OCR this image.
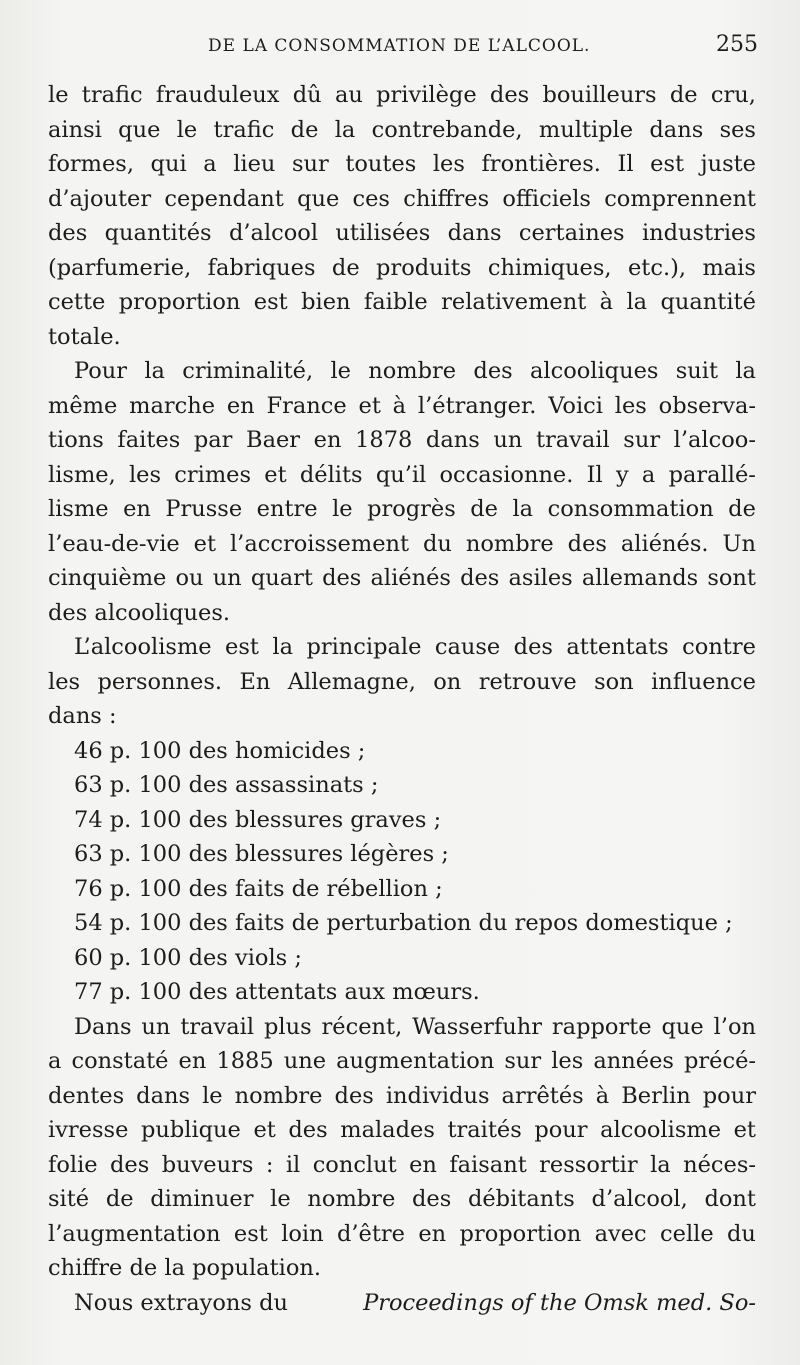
DE LA CONSOMMATION DE L’ALCOOL.	255
le trafic frauduleux dû au privilège des bouilleurs de cru,
ainsi que le trafic de la contrebande, multiple dans ses
formes, qui a lieu sur toutes les frontières. Il est juste
d’ajouter cependant que ces chiffres officiels comprennent
des quantités d’alcool utilisées dans certaines industries
(parfumerie, fabriques de produits chimiques, etc.), mais
cette proportion est bien faible relativement à la quantité
totale.
Pour la criminalité, le nombre des alcooliques suit la
même marche en France et à l’étranger. Voici les observa-
tions faites par Baer en 1878 dans un travail sur l’alcoo-
lisme, les crimes et délits qu’il occasionne. Il y a parallé-
lisme en Prusse entre le progrès de la consommation de
l’eau-de-vie et l’accroissement du nombre des aliénés. Un
cinquième ou un quart des aliénés des asiles allemands sont
des alcooliques.
L’alcoolisme est la principale cause des attentats contre
les personnes. En Allemagne, on retrouve son influence
dans :
46 p. 100 des homicides ;
63 p. 100 des assassinats ;
74 p. 100 des blessures graves ;
63 p. 100 des blessures légères ;
76 p. 100 des faits de rébellion ;
54 p. 100 des faits de perturbation du repos domestique ;
60 p. 100 des viols ;
77 p. 100 des attentats aux mœurs.
Dans un travail plus récent, Wasserfuhr rapporte que l’on
a constaté en 1885 une augmentation sur les années précé-
dentes dans le nombre des individus arrêtés à Berlin pour
ivresse publique et des malades traités pour alcoolisme et
folie des buveurs : il conclut en faisant ressortir la néces-
sité de diminuer le nombre des débitants d’alcool, dont
l’augmentation est loin d’être en proportion avec celle du
chiffre de la population.
Nous extrayons du	Proceedings of the Omsk med. So-
